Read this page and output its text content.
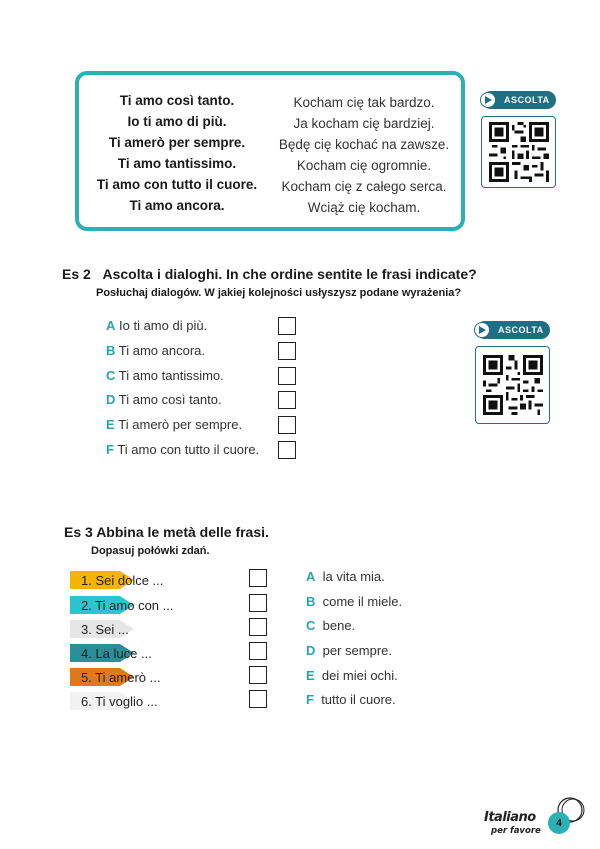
Ti amo così tanto.
Io ti amo di più.
Ti amerò per sempre.
Ti amo tantissimo.
Ti amo con tutto il cuore.
Ti amo ancora.
Kocham cię tak bardzo.
Ja kocham cię bardziej.
Będę cię kochać na zawsze.
Kocham cię ogromnie.
Kocham cię z całego serca.
Wciąż cię kocham.
ASCOLTA
Es 2 Ascolta i dialoghi. In che ordine sentite le frasi indicate?
Posłuchaj dialogów. W jakiej kolejności usłyszysz podane wyrażenia?
A Io ti amo di più.
B Ti amo ancora.
C Ti amo tantissimo.
D Ti amo così tanto.
E Ti amerò per sempre.
F Ti amo con tutto il cuore.
ASCOLTA
Es 3 Abbina le metà delle frasi.
Dopasuj połówki zdań.
1. Sei dolce ...
2. Ti amo con ...
3. Sei ...
4. La luce ...
5. Ti amerò ...
6. Ti voglio ...
A la vita mia.
B come il miele.
C bene.
D per sempre.
E  dei miei ochi.
F tutto il cuore.
Italiano
per favore
4
